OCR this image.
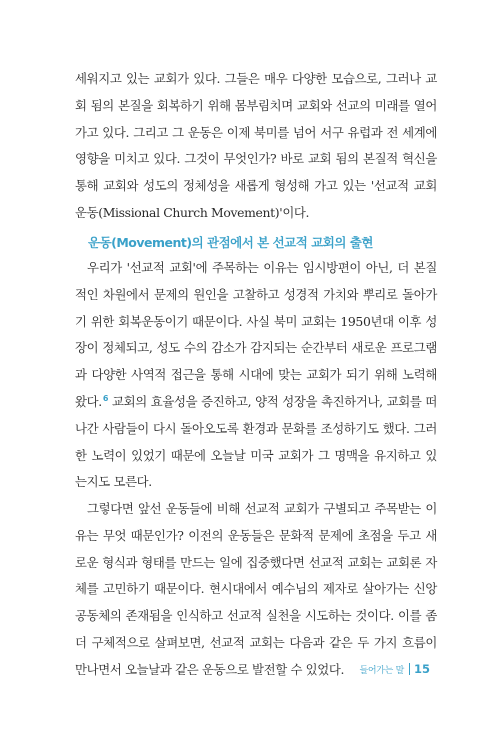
세워지고 있는 교회가 있다. 그들은 매우 다양한 모습으로, 그러나 교
회 됨의 본질을 회복하기 위해 몸부림치며 교회와 선교의 미래를 열어
가고 있다. 그리고 그 운동은 이제 북미를 넘어 서구 유럽과 전 세계에
영향을 미치고 있다. 그것이 무엇인가? 바로 교회 됨의 본질적 혁신을
통해 교회와 성도의 정체성을 새롭게 형성해 가고 있는 '선교적 교회
운동(Missional Church Movement)'이다.
운동(Movement)의 관점에서 본 선교적 교회의 출현
우리가 '선교적 교회'에 주목하는 이유는 임시방편이 아닌, 더 본질
적인 차원에서 문제의 원인을 고찰하고 성경적 가치와 뿌리로 돌아가
기 위한 회복운동이기 때문이다. 사실 북미 교회는 1950년대 이후 성
장이 정체되고, 성도 수의 감소가 감지되는 순간부터 새로운 프로그램
과 다양한 사역적 접근을 통해 시대에 맞는 교회가 되기 위해 노력해
왔다.$^6$ 교회의 효율성을 증진하고, 양적 성장을 촉진하거나, 교회를 떠
나간 사람들이 다시 돌아오도록 환경과 문화를 조성하기도 했다. 그러
한 노력이 있었기 때문에 오늘날 미국 교회가 그 명맥을 유지하고 있
는지도 모른다.
그렇다면 앞선 운동들에 비해 선교적 교회가 구별되고 주목받는 이
유는 무엇 때문인가? 이전의 운동들은 문화적 문제에 초점을 두고 새
로운 형식과 형태를 만드는 일에 집중했다면 선교적 교회는 교회론 자
체를 고민하기 때문이다. 현시대에서 예수님의 제자로 살아가는 신앙
공동체의 존재됨을 인식하고 선교적 실천을 시도하는 것이다. 이를 좀
더 구체적으로 살펴보면, 선교적 교회는 다음과 같은 두 가지 흐름이
만나면서 오늘날과 같은 운동으로 발전할 수 있었다.	들어가는 말 15
